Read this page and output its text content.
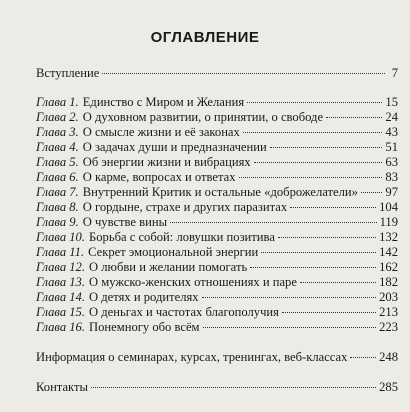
ОГЛАВЛЕНИЕ
Вступление	7
Глава 1. Единство с Миром и Желания	15
Глава 2. О духовном развитии, о принятии, о свободе	24
Глава 3. О смысле жизни и её законах	43
Глава 4. О задачах души и предназначении	51
Глава 5. Об энергии жизни и вибрациях	63
Глава 6. О карме, вопросах и ответах	83
Глава 7. Внутренний Критик и остальные «доброжелатели» 97
Глава 8. О гордыне, страхе и других паразитах	104
Глава 9. О чувстве вины	119
Глава 10. Борьба с собой: ловушки позитива	132
Глава 11. Секрет эмоциональной энергии	142
Глава 12. О любви и желании помогать	162
Глава 13. О мужско-женских отношениях и паре	182
Глава 14. О детях и родителях	203
Глава 15. О деньгах и частотах благополучия	213
Глава 16. Понемногу обо всём	223
Информация о семинарах, курсах, тренингах, веб-классах	248
Контакты	285
